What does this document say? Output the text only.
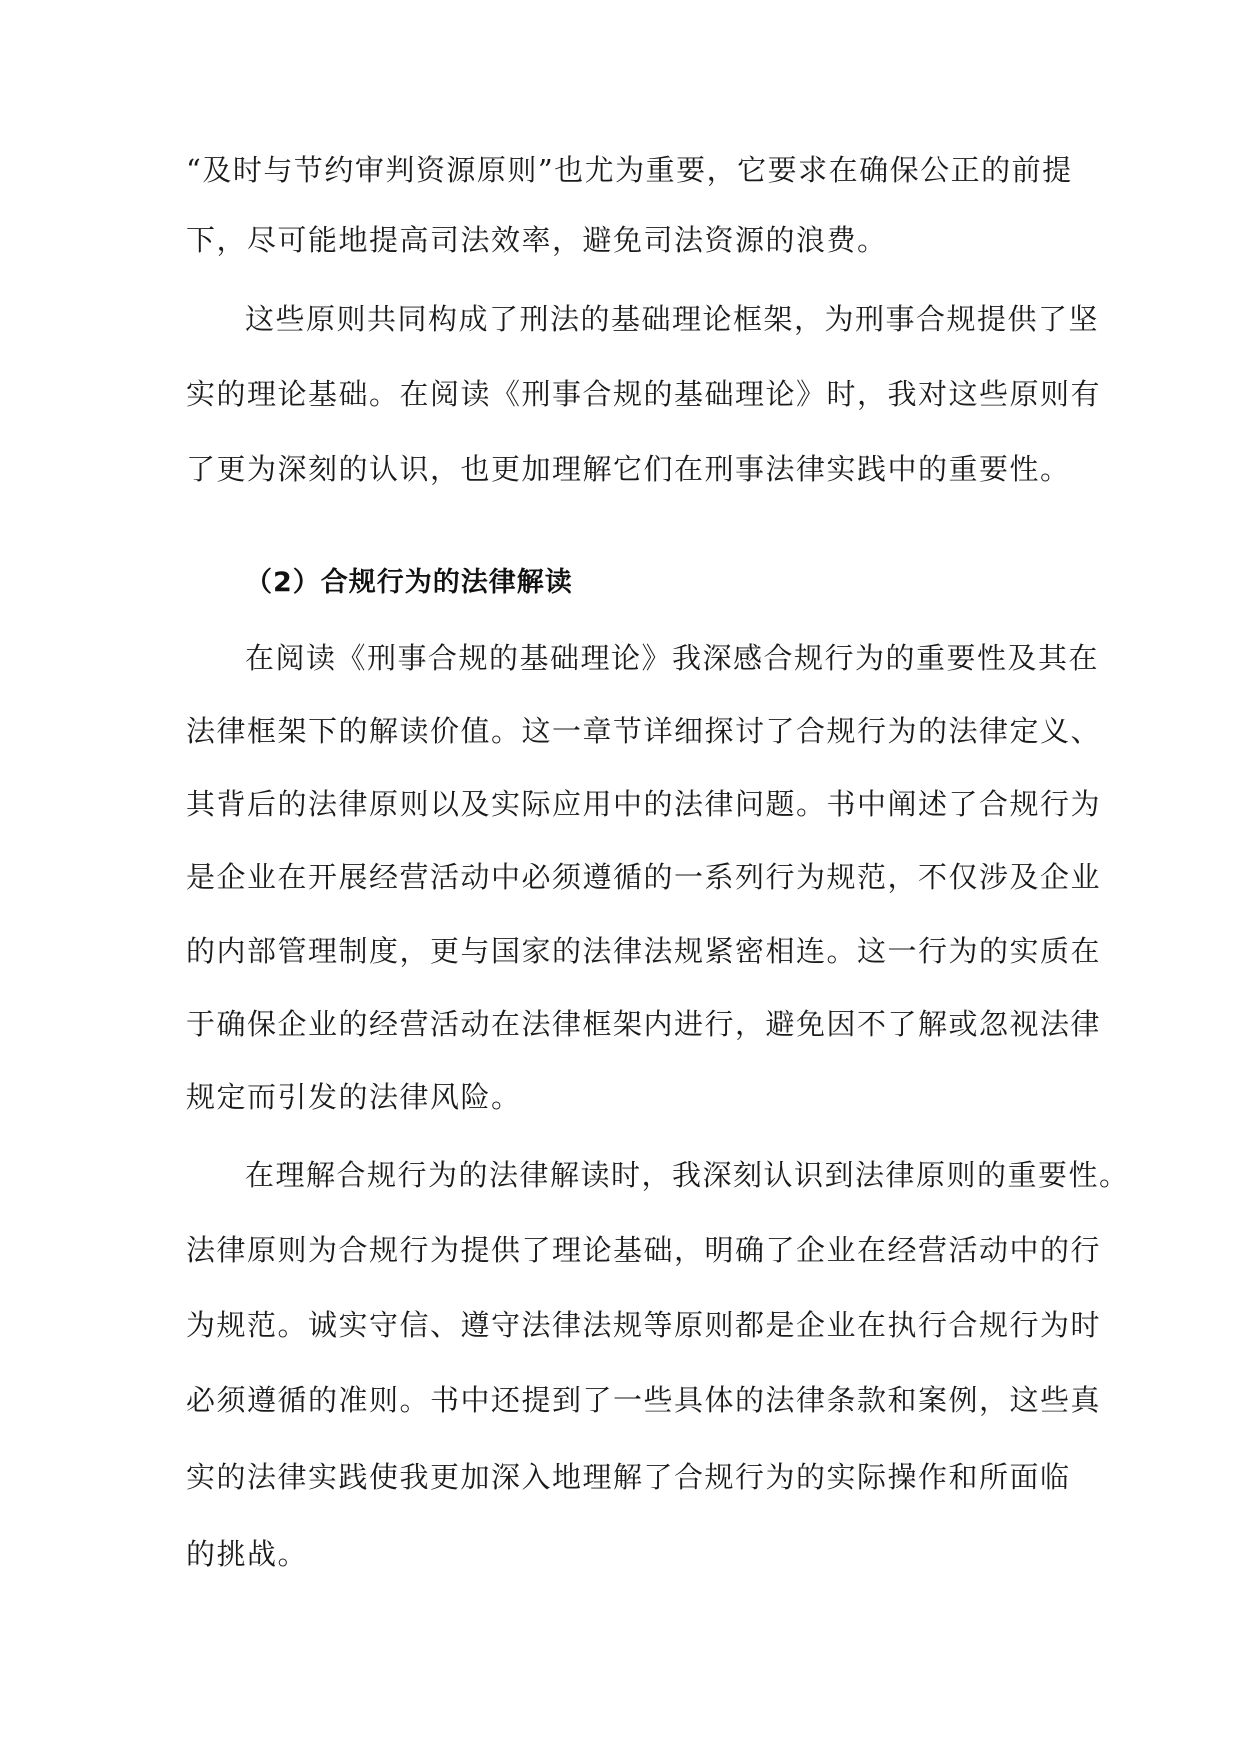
“及时与节约审判资源原则”也尤为重要，它要求在确保公正的前提
下，尽可能地提高司法效率，避免司法资源的浪费。
这些原则共同构成了刑法的基础理论框架，为刑事合规提供了坚
实的理论基础。在阅读《刑事合规的基础理论》时，我对这些原则有
了更为深刻的认识，也更加理解它们在刑事法律实践中的重要性。
（2）合规行为的法律解读
在阅读《刑事合规的基础理论》我深感合规行为的重要性及其在
法律框架下的解读价值。这一章节详细探讨了合规行为的法律定义、
其背后的法律原则以及实际应用中的法律问题。书中阐述了合规行为
是企业在开展经营活动中必须遵循的一系列行为规范，不仅涉及企业
的内部管理制度，更与国家的法律法规紧密相连。这一行为的实质在
于确保企业的经营活动在法律框架内进行，避免因不了解或忽视法律
规定而引发的法律风险。
在理解合规行为的法律解读时，我深刻认识到法律原则的重要性。
法律原则为合规行为提供了理论基础，明确了企业在经营活动中的行
为规范。诚实守信、遵守法律法规等原则都是企业在执行合规行为时
必须遵循的准则。书中还提到了一些具体的法律条款和案例，这些真
实的法律实践使我更加深入地理解了合规行为的实际操作和所面临
的挑战。
